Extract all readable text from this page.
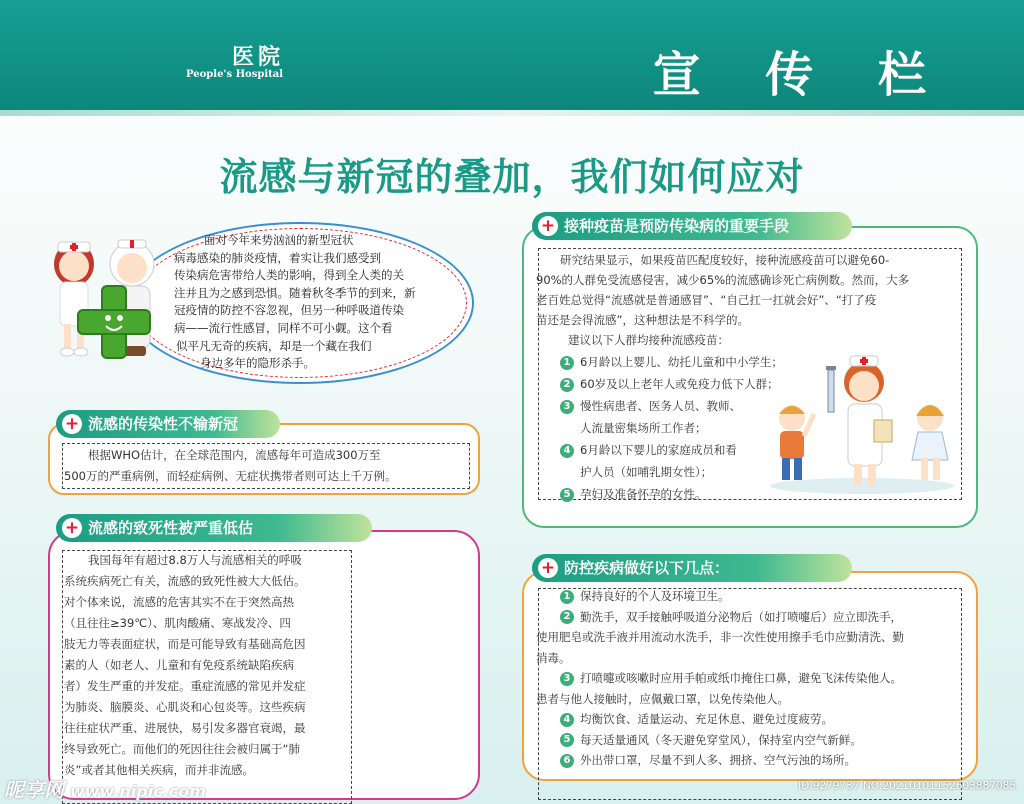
医院
People's Hospital	宣 传 栏
流感与新冠的叠加，我们如何应对

面对今年来势汹汹的新型冠状

病毒感染的肺炎疫情，着实让我们感受到

传染病危害带给人类的影响，得到全人类的关

注并且为之感到恐惧。随着秋冬季节的到来，新

冠疫情的防控不容忽视，但另一种呼吸道传染

病——流行性感冒，同样不可小觑。这个看

似平凡无奇的疾病，却是一个藏在我们

身边多年的隐形杀手。

+ 流感的传染性不输新冠

根据WHO估计，在全球范围内，流感每年可造成300万至

500万的严重病例，而轻症病例、无症状携带者则可达上千万例。

+ 流感的致死性被严重低估

我国每年有超过8.8万人与流感相关的呼吸

系统疾病死亡有关，流感的致死性被大大低估。

对个体来说，流感的危害其实不在于突然高热

（且往往≥39℃）、肌肉酸痛、寒战发冷、四

肢无力等表面症状，而是可能导致有基础高危因

素的人（如老人、儿童和有免疫系统缺陷疾病

者）发生严重的并发症。重症流感的常见并发症

为肺炎、脑膜炎、心肌炎和心包炎等。这些疾病

往往症状严重、进展快，易引发多器官衰竭，最

终导致死亡。而他们的死因往往会被归属于“肺

炎”或者其他相关疾病，而并非流感。

+ 接种疫苗是预防传染病的重要手段

研究结果显示，如果疫苗匹配度较好，接种流感疫苗可以避免60-

90%的人群免受流感侵害，减少65%的流感确诊死亡病例数。然而，大多

老百姓总觉得“流感就是普通感冒”、“自己扛一扛就会好”、“打了疫

苗还是会得流感”，这种想法是不科学的。

建议以下人群均接种流感疫苗：
1 6月龄以上婴儿、幼托儿童和中小学生；
2 60岁及以上老年人或免疫力低下人群；
3 慢性病患者、医务人员、教师、
人流量密集场所工作者；
4 6月龄以下婴儿的家庭成员和看
护人员（如哺乳期女性）；
5 孕妇及准备怀孕的女性。
+ 防控疾病做好以下几点：

1 保持良好的个人及环境卫生。

2 勤洗手，双手接触呼吸道分泌物后（如打喷嚏后）应立即洗手，

使用肥皂或洗手液并用流动水洗手，非一次性使用擦手毛巾应勤清洗、勤

消毒。

3 打喷嚏或咳嗽时应用手帕或纸巾掩住口鼻，避免飞沫传染他人。

患者与他人接触时，应佩戴口罩，以免传染他人。

4 均衡饮食、适量运动、充足休息、避免过度疲劳。

5 每天适量通风（冬天避免穿堂风），保持室内空气新鲜。

6 外出带口罩，尽量不到人多、拥挤、空气污浊的场所。

昵享网 www.nipic.com	ID:9279737 NO:20210101152603887085
